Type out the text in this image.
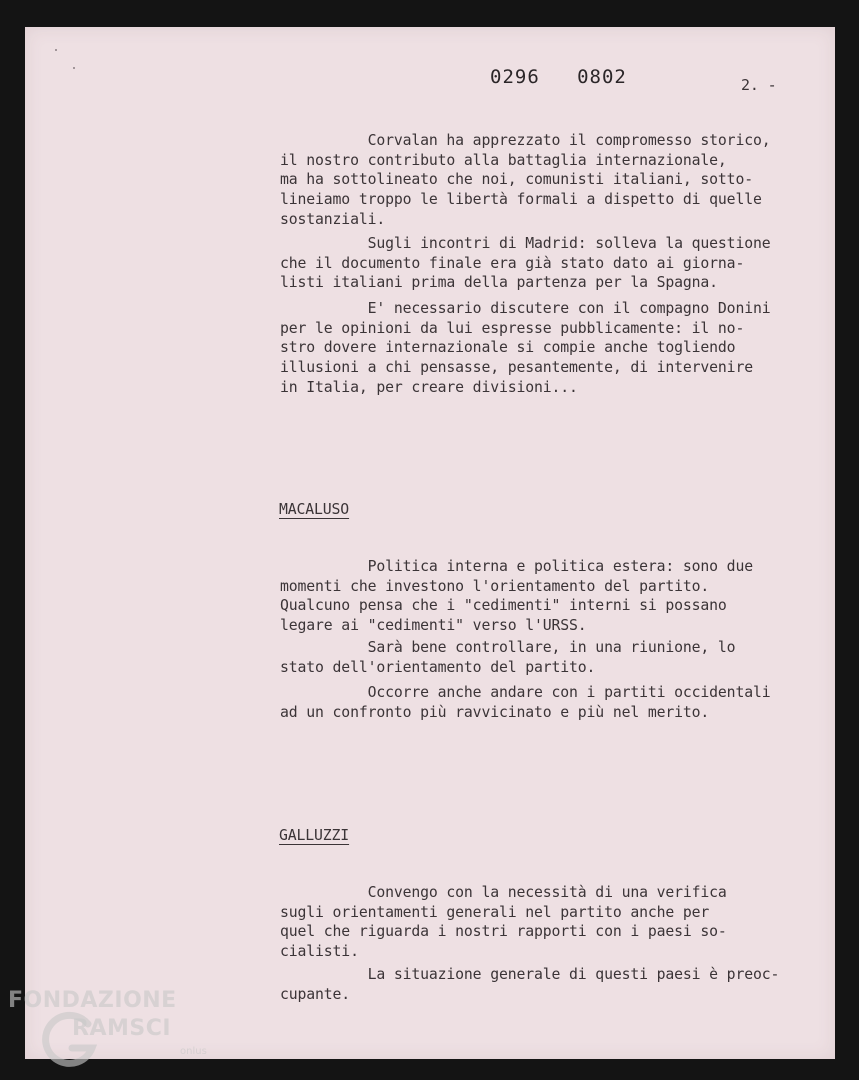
0296   0802	2. -
Corvalan ha apprezzato il compromesso storico,
il nostro contributo alla battaglia internazionale,
ma ha sottolineato che noi, comunisti italiani, sotto-
lineiamo troppo le libertà formali a dispetto di quelle
sostanziali.
Sugli incontri di Madrid: solleva la questione
che il documento finale era già stato dato ai giorna-
listi italiani prima della partenza per la Spagna.
E' necessario discutere con il compagno Donini
per le opinioni da lui espresse pubblicamente: il no-
stro dovere internazionale si compie anche togliendo
illusioni a chi pensasse, pesantemente, di intervenire
in Italia, per creare divisioni...
MACALUSO
Politica interna e politica estera: sono due
momenti che investono l'orientamento del partito.
Qualcuno pensa che i "cedimenti" interni si possano
legare ai "cedimenti" verso l'URSS.
Sarà bene controllare, in una riunione, lo
stato dell'orientamento del partito.
Occorre anche andare con i partiti occidentali
ad un confronto più ravvicinato e più nel merito.
GALLUZZI
Convengo con la necessità di una verifica
sugli orientamenti generali nel partito anche per
quel che riguarda i nostri rapporti con i paesi so-
cialisti.
La situazione generale di questi paesi è preoc-
cupante.
FONDAZIONE
RAMSCI
onlus
